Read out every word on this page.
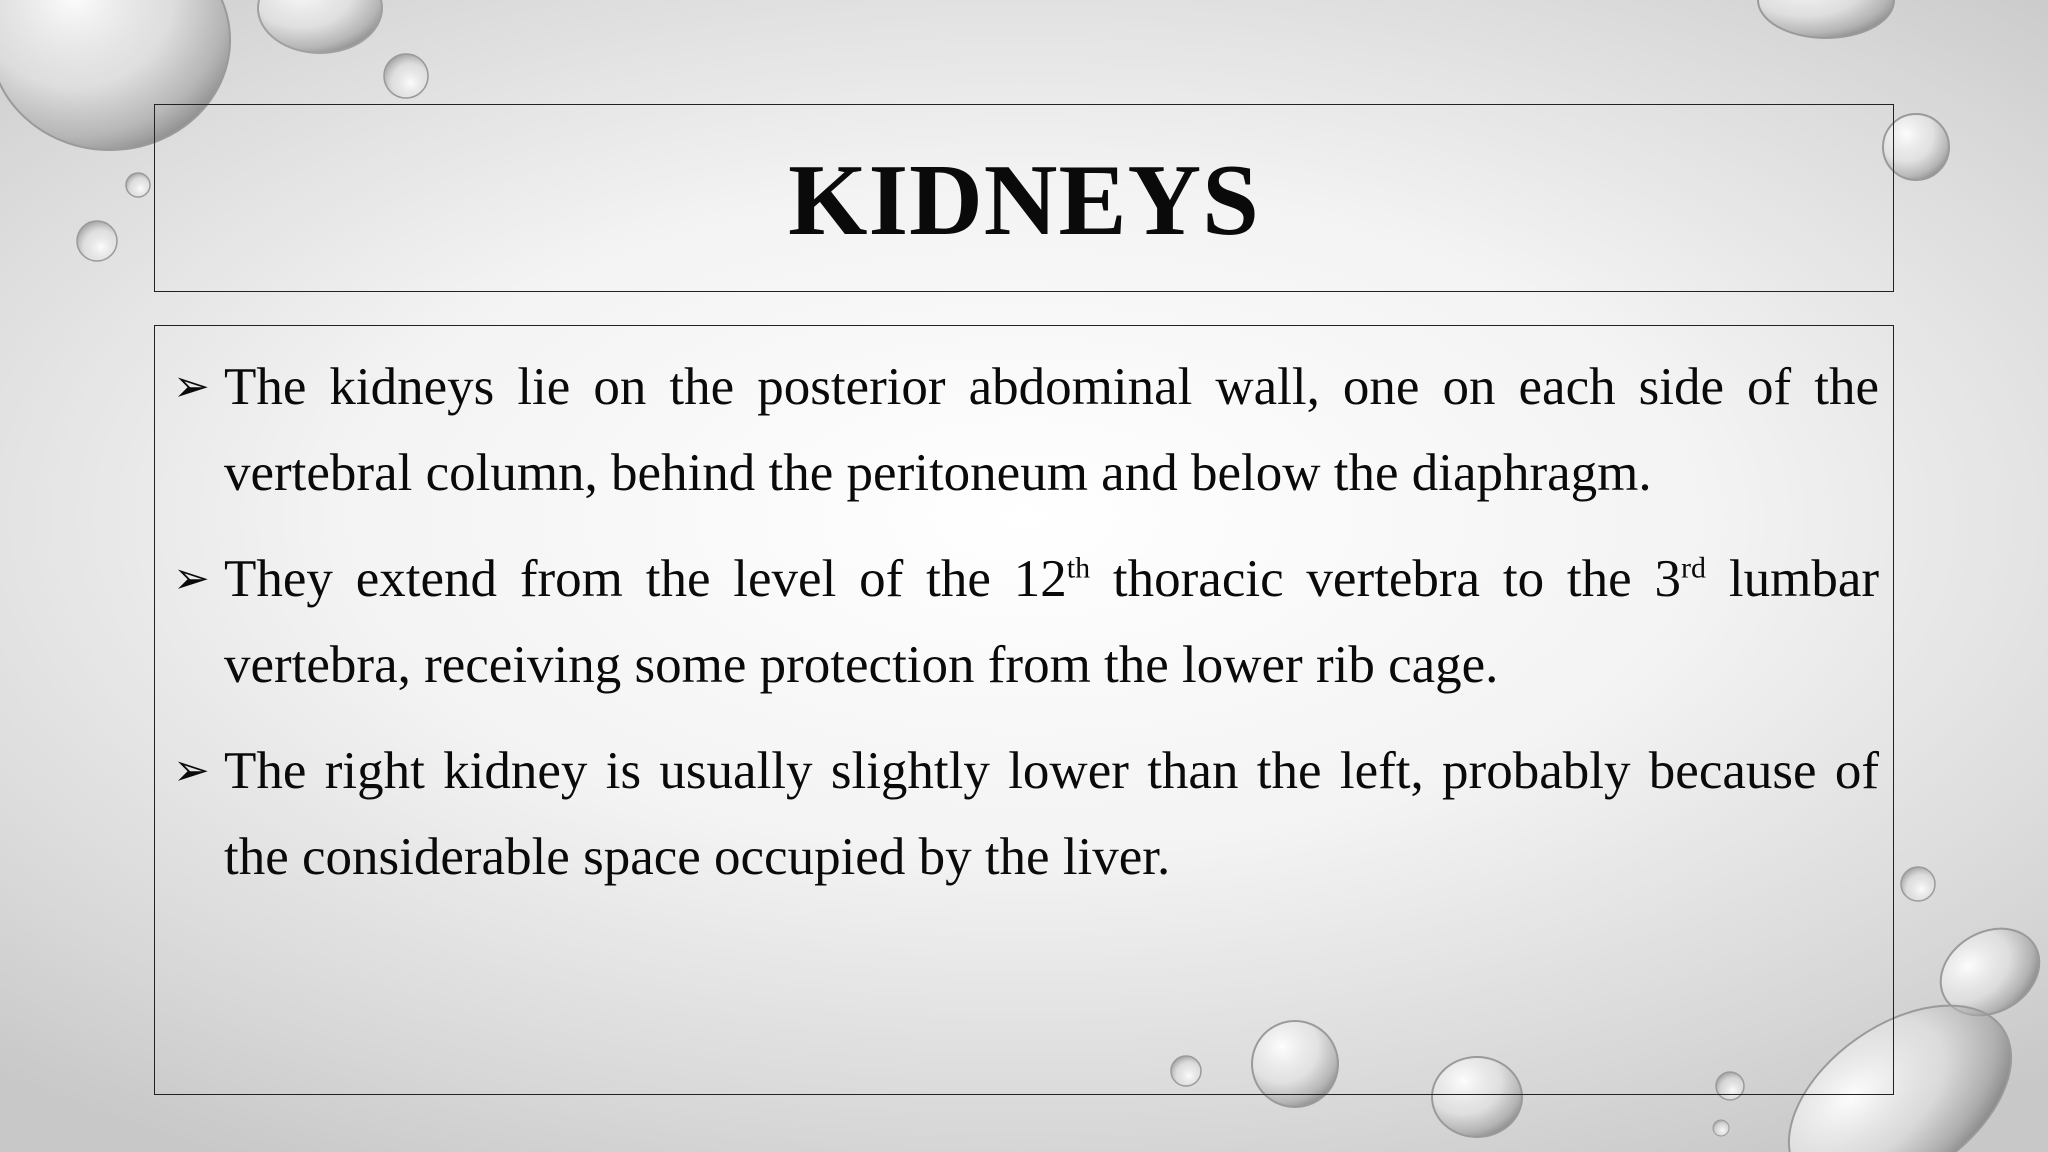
KIDNEYS
➢ The kidneys lie on the posterior abdominal wall, one on each side of the vertebral column, behind the peritoneum and below the diaphragm.
➢ They extend from the level of the 12th thoracic vertebra to the 3rd lumbar vertebra, receiving some protection from the lower rib cage.
➢ The right kidney is usually slightly lower than the left, probably because of the considerable space occupied by the liver.
